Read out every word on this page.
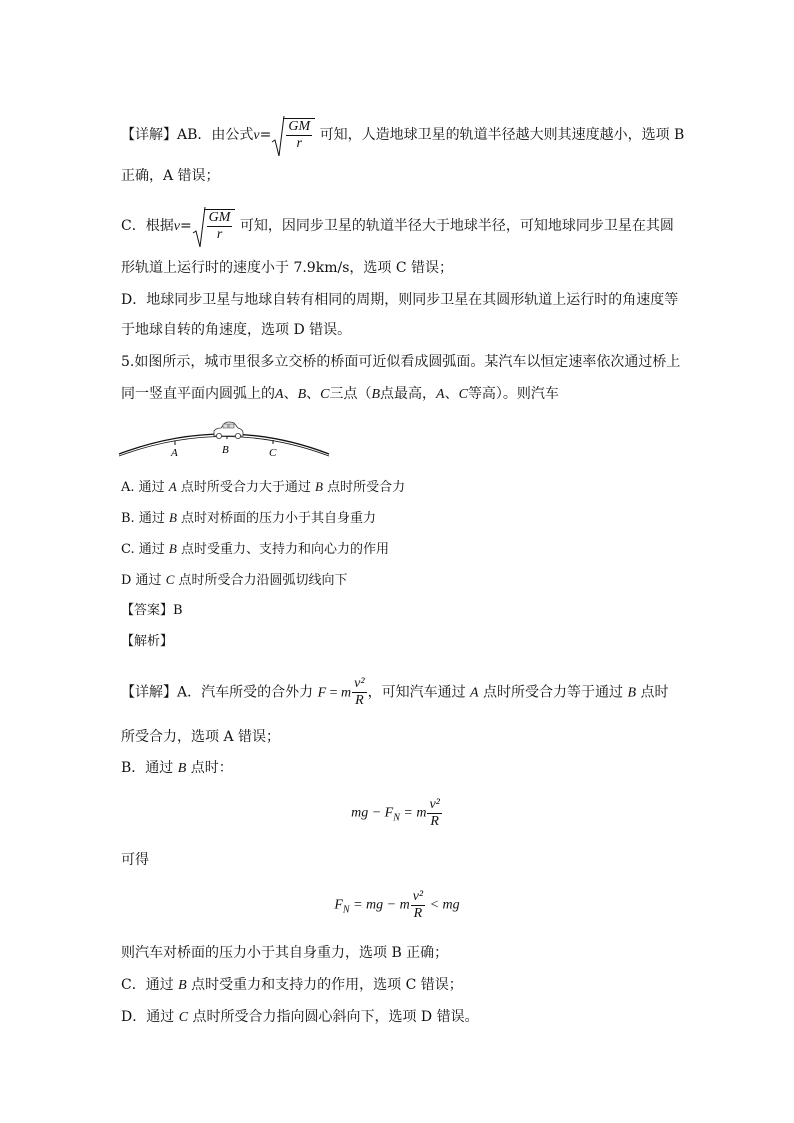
【详解】AB．由公式$v= \frac{GM}{r}$ 可知，人造地球卫星的轨道半径越大则其速度越小，选项 B
正确，A 错误；
C．根据$v= \frac{GM}{r}$ 可知，因同步卫星的轨道半径大于地球半径，可知地球同步卫星在其圆
形轨道上运行时的速度小于 7.9km/s，选项 C 错误；
D．地球同步卫星与地球自转有相同的周期，则同步卫星在其圆形轨道上运行时的角速度等
于地球自转的角速度，选项 D 错误。
5.如图所示，城市里很多立交桥的桥面可近似看成圆弧面。某汽车以恒定速率依次通过桥上
同一竖直平面内圆弧上的A、B、C三点（B点最高，A、C等高）。则汽车
A	B	C
A. 通过 A 点时所受合力大于通过 B 点时所受合力
B. 通过 B 点时对桥面的压力小于其自身重力
C. 通过 B 点时受重力、支持力和向心力的作用
D 通过 C 点时所受合力沿圆弧切线向下
【答案】B
【解析】
【详解】A．汽车所受的合外力 F = m $\frac{\text{v²}}{R}$ ，可知汽车通过 A 点时所受合力等于通过 B 点时
所受合力，选项 A 错误；
B．通过 B 点时：
mg − $F_N = m \frac{\text{v²}}{R}$
可得
$F_N$ = mg − m $\frac{\text{v²}}{R}$ < mg
则汽车对桥面的压力小于其自身重力，选项 B 正确；
C．通过 B 点时受重力和支持力的作用，选项 C 错误；
D．通过 C 点时所受合力指向圆心斜向下，选项 D 错误。
